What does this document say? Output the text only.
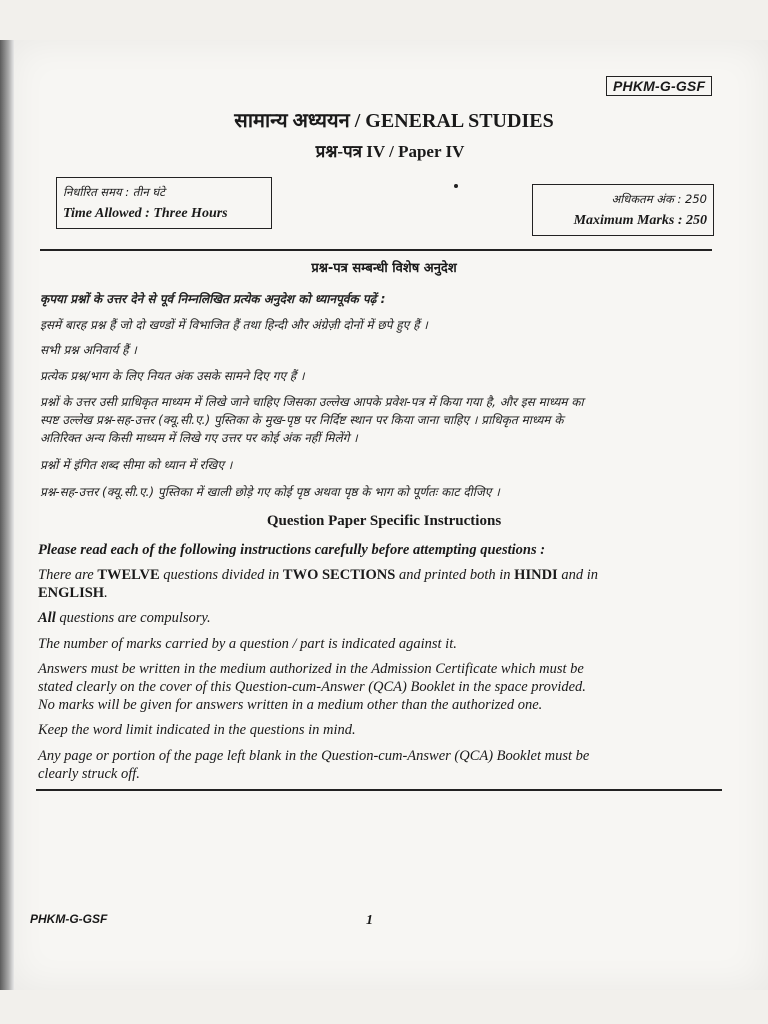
PHKM-G-GSF
सामान्य अध्ययन / GENERAL STUDIES
प्रश्न-पत्र IV / Paper IV
निर्धारित समय : तीन घंटे
Time Allowed : Three Hours
अधिकतम अंक : 250
Maximum Marks : 250
प्रश्न-पत्र सम्बन्धी विशेष अनुदेश
कृपया प्रश्नों के उत्तर देने से पूर्व निम्नलिखित प्रत्येक अनुदेश को ध्यानपूर्वक पढ़ें :
इसमें बारह प्रश्न हैं जो दो खण्डों में विभाजित हैं तथा हिन्दी और अंग्रेज़ी दोनों में छपे हुए हैं ।
सभी प्रश्न अनिवार्य हैं ।
प्रत्येक प्रश्न/भाग के लिए नियत अंक उसके सामने दिए गए हैं ।
प्रश्नों के उत्तर उसी प्राधिकृत माध्यम में लिखे जाने चाहिए जिसका उल्लेख आपके प्रवेश-पत्र में किया गया है, और इस माध्यम का
स्पष्ट उल्लेख प्रश्न-सह-उत्तर (क्यू.सी.ए.) पुस्तिका के मुख-पृष्ठ पर निर्दिष्ट स्थान पर किया जाना चाहिए । प्राधिकृत माध्यम के
अतिरिक्त अन्य किसी माध्यम में लिखे गए उत्तर पर कोई अंक नहीं मिलेंगे ।
प्रश्नों में इंगित शब्द सीमा को ध्यान में रखिए ।
प्रश्न-सह-उत्तर (क्यू.सी.ए.) पुस्तिका में खाली छोड़े गए कोई पृष्ठ अथवा पृष्ठ के भाग को पूर्णतः काट दीजिए ।
Question Paper Specific Instructions
Please read each of the following instructions carefully before attempting questions :
There are TWELVE questions divided in TWO SECTIONS and printed both in HINDI and in
ENGLISH.
All questions are compulsory.
The number of marks carried by a question / part is indicated against it.
Answers must be written in the medium authorized in the Admission Certificate which must be
stated clearly on the cover of this Question-cum-Answer (QCA) Booklet in the space provided.
No marks will be given for answers written in a medium other than the authorized one.
Keep the word limit indicated in the questions in mind.
Any page or portion of the page left blank in the Question-cum-Answer (QCA) Booklet must be
clearly struck off.
PHKM-G-GSF	1
